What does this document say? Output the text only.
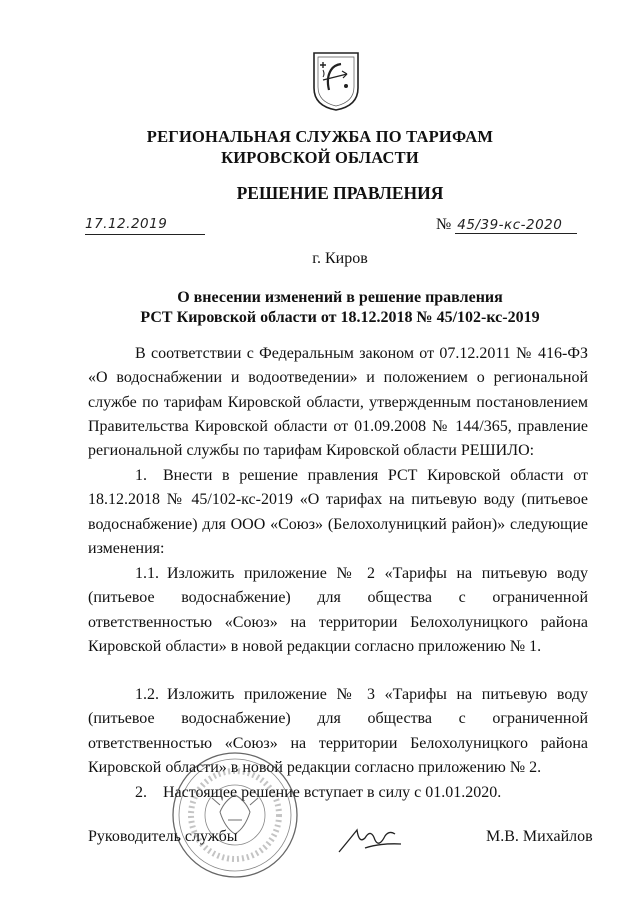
РЕГИОНАЛЬНАЯ СЛУЖБА ПО ТАРИФАМ
КИРОВСКОЙ ОБЛАСТИ
РЕШЕНИЕ ПРАВЛЕНИЯ
17.12.2019	№ 45/39-кс-2020
г. Киров
О внесении изменений в решение правления
РСТ Кировской области от 18.12.2018 № 45/102-кс-2019

В соответствии с Федеральным законом от 07.12.2011 № 416-ФЗ «О водоснабжении и водоотведении» и положением о региональной службе по тарифам Кировской области, утвержденным постановлением Правительства Кировской области от 01.09.2008 № 144/365, правление региональной службы по тарифам Кировской области РЕШИЛО:

1. Внести в решение правления РСТ Кировской области от 18.12.2018 № 45/102-кс-2019 «О тарифах на питьевую воду (питьевое водоснабжение) для ООО «Союз» (Белохолуницкий район)» следующие изменения:

1.1. Изложить приложение № 2 «Тарифы на питьевую воду (питьевое водоснабжение) для общества с ограниченной ответственностью «Союз» на территории Белохолуницкого района Кировской области» в новой редакции согласно приложению № 1.

1.2. Изложить приложение № 3 «Тарифы на питьевую воду (питьевое водоснабжение) для общества с ограниченной ответственностью «Союз» на территории Белохолуницкого района Кировской области» в новой редакции согласно приложению № 2.

2. Настоящее решение вступает в силу с 01.01.2020.

Руководитель службы	М.В. Михайлов
